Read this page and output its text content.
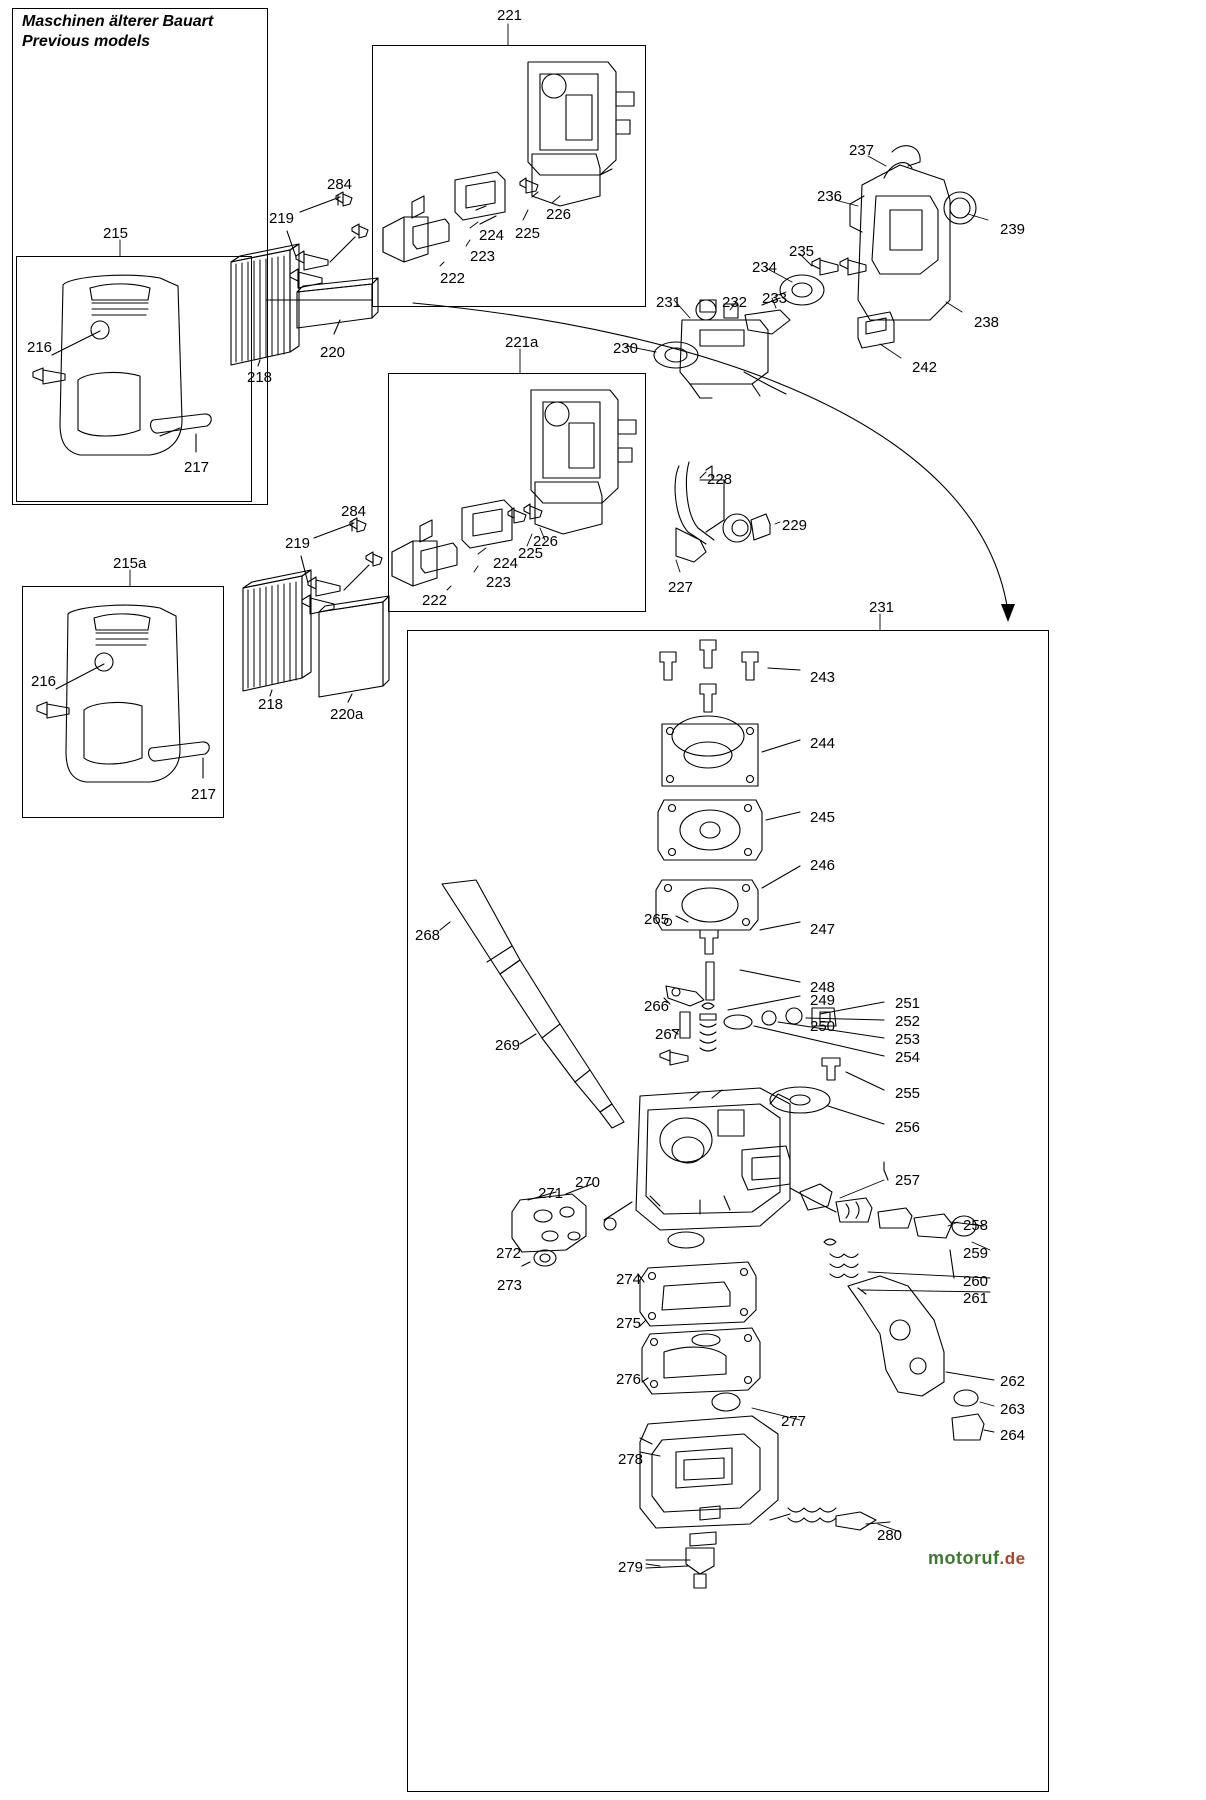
Maschinen älterer Bauart
Previous models
221
284
219
215
226
225
224
223
222
220
218
216
217
237
236
239
235
234
238
231	232 233
242
230
221a
215a
284
219	226
225
224
223
222
218
220a
216
217
228
229
227
231
243
244
245
246
265
247
248
266	249	251
250	252
267	253
254
268
255
269
256
257
271
270
258
272	259
273	274	260
261
275
276	262
263
277
278
264
280
279	motoruf.de
